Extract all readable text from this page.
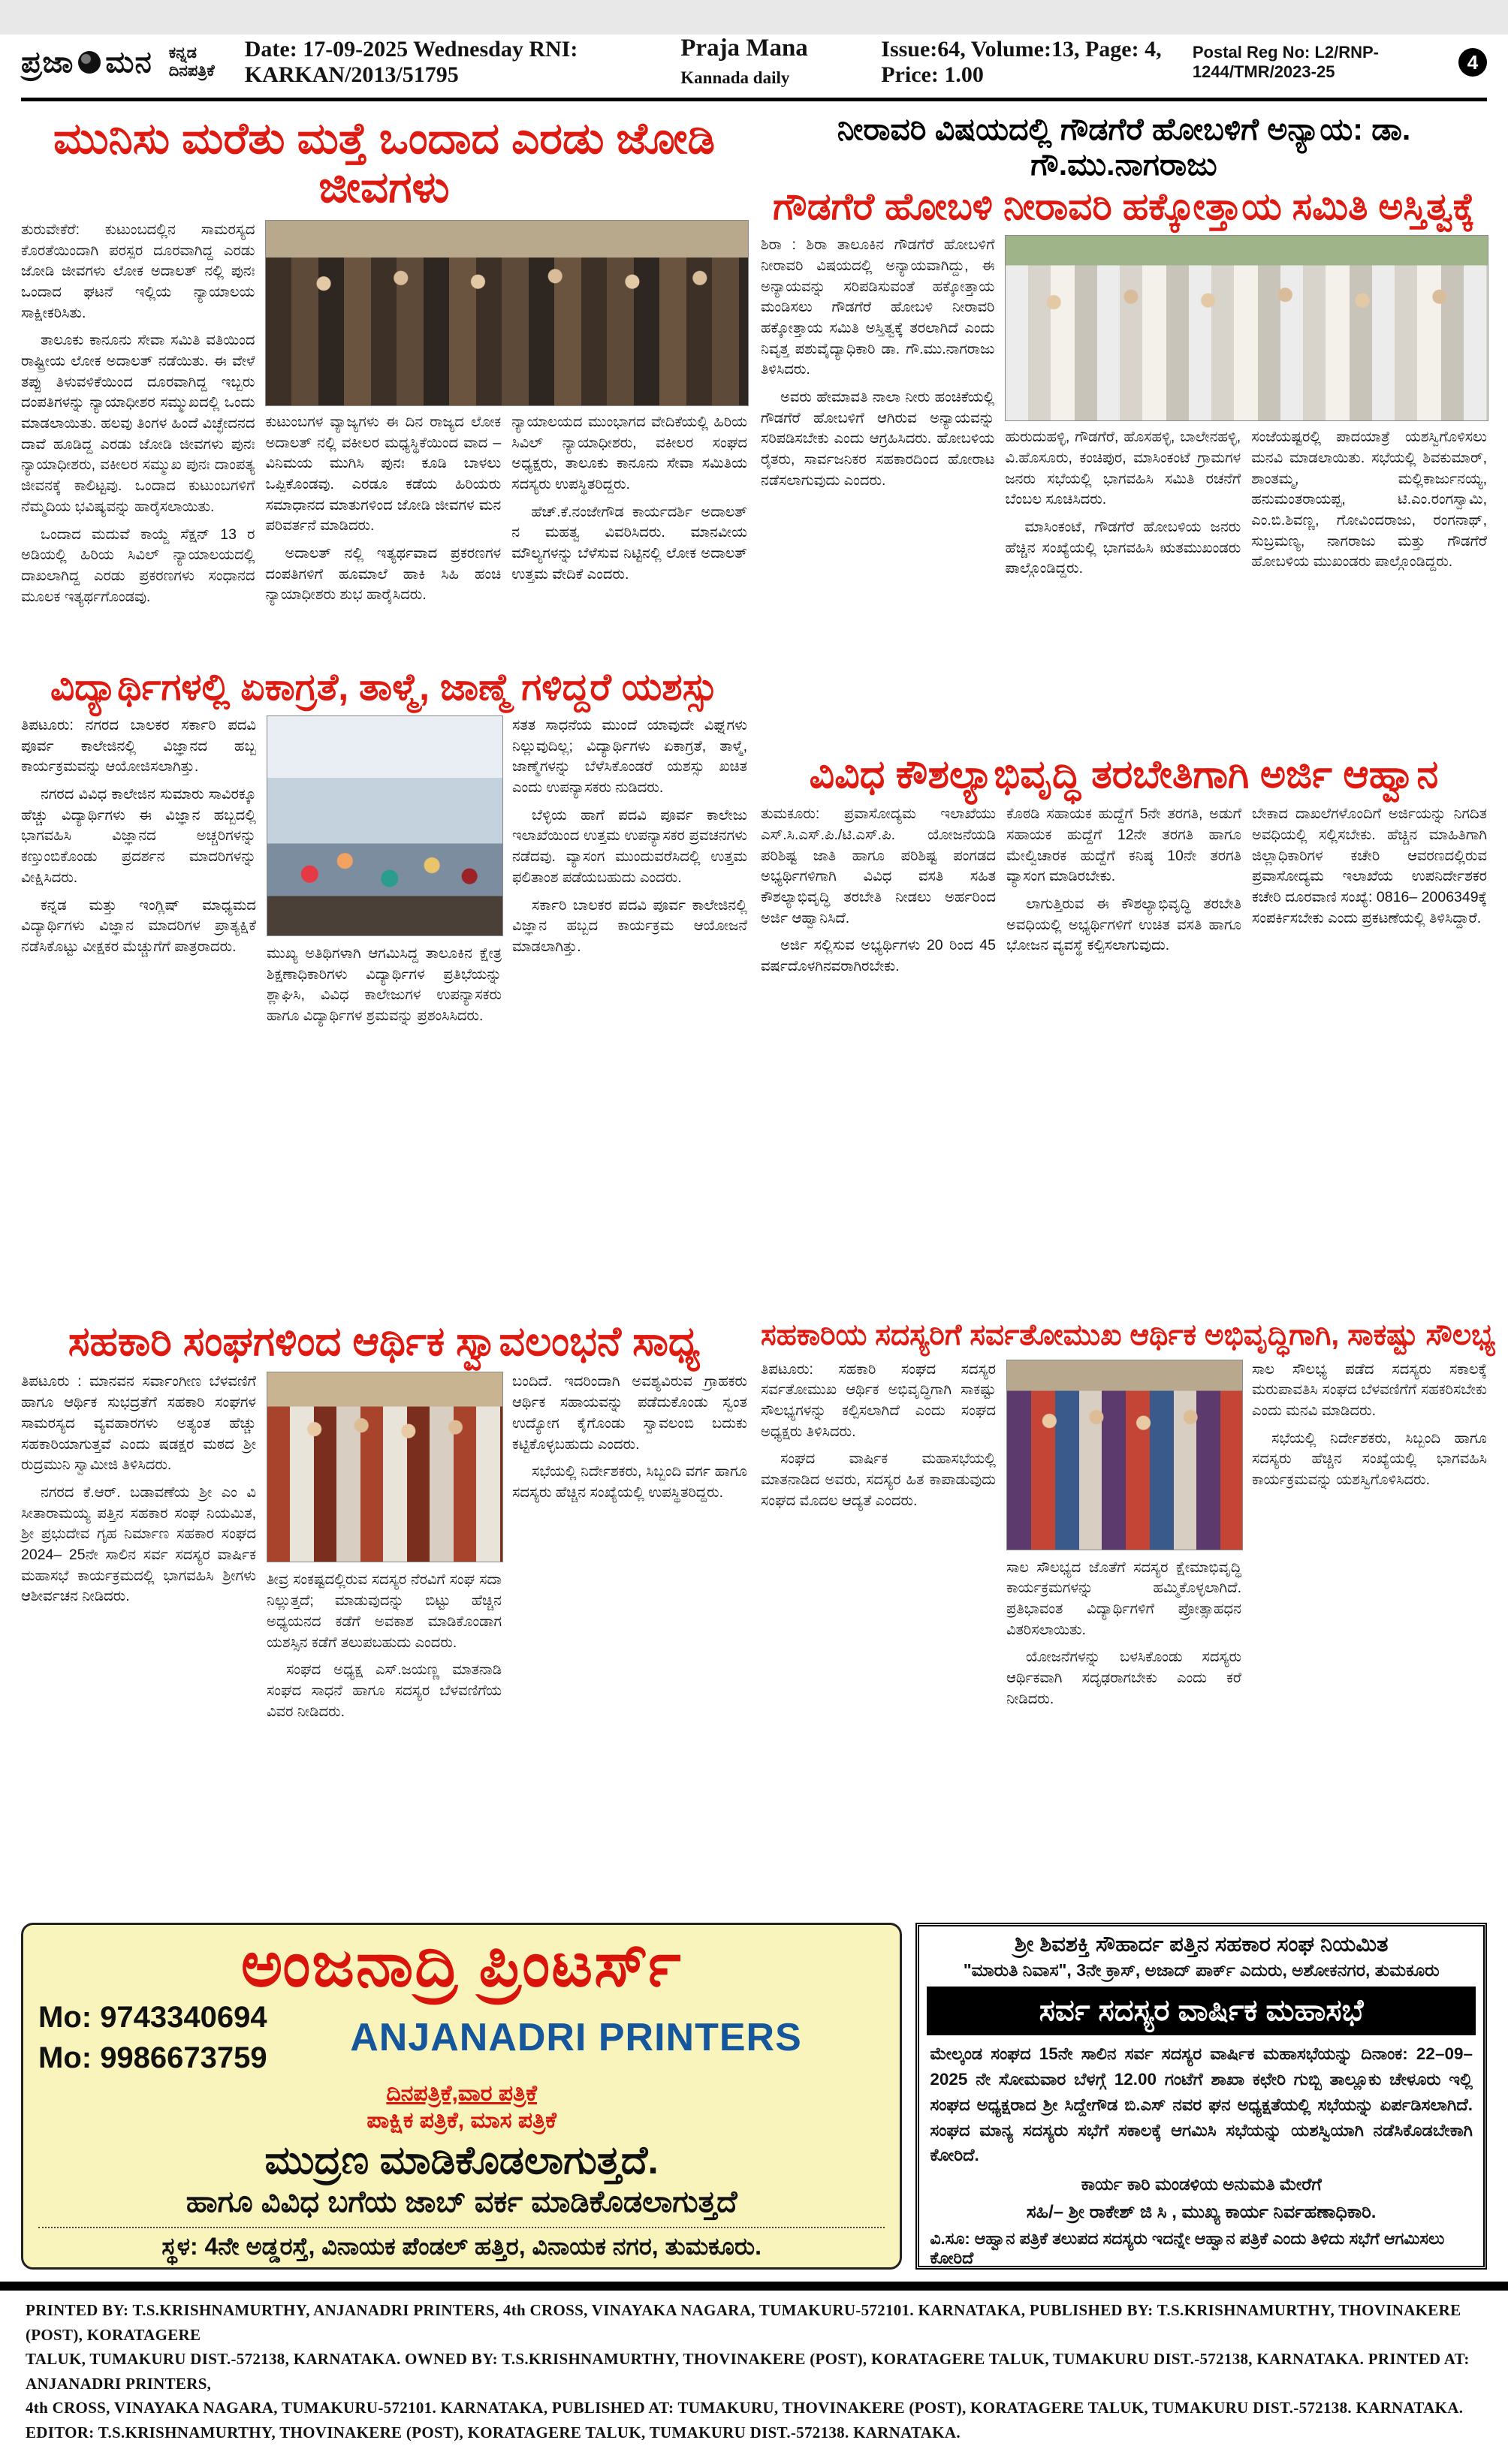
ಪ್ರಜಾ ಮನ ಕನ್ನಡ ದಿನಪತ್ರಿಕೆ
Date: 17-09-2025 Wednesday RNI: KARKAN/2013/51795
Praja Mana Kannada daily
Issue:64, Volume:13, Page: 4, Price: 1.00
Postal Reg No: L2/RNP-1244/TMR/2023-25	4
ಮುನಿಸು ಮರೆತು ಮತ್ತೆ ಒಂದಾದ ಎರಡು ಜೋಡಿ ಜೀವಗಳು

ತುರುವೇಕೆರೆ: ಕುಟುಂಬದಲ್ಲಿನ ಸಾಮರಸ್ಯದ ಕೊರತೆಯಿಂದಾಗಿ ಪರಸ್ಪರ ದೂರವಾಗಿದ್ದ ಎರಡು ಜೋಡಿ ಜೀವಗಳು ಲೋಕ ಅದಾಲತ್ ನಲ್ಲಿ ಪುನಃ ಒಂದಾದ ಘಟನೆ ಇಲ್ಲಿಯ ನ್ಯಾಯಾಲಯ ಸಾಕ್ಷೀಕರಿಸಿತು.

ತಾಲೂಕು ಕಾನೂನು ಸೇವಾ ಸಮಿತಿ ವತಿಯಿಂದ ರಾಷ್ಟ್ರೀಯ ಲೋಕ ಅದಾಲತ್ ನಡೆಯಿತು. ಈ ವೇಳೆ ತಪ್ಪು ತಿಳುವಳಿಕೆಯಿಂದ ದೂರವಾಗಿದ್ದ ಇಬ್ಬರು ದಂಪತಿಗಳನ್ನು ನ್ಯಾಯಾಧೀಶರ ಸಮ್ಮುಖದಲ್ಲಿ ಒಂದು ಮಾಡಲಾಯಿತು. ಹಲವು ತಿಂಗಳ ಹಿಂದೆ ವಿಚ್ಛೇದನದ ದಾವೆ ಹೂಡಿದ್ದ ಎರಡು ಜೋಡಿ ಜೀವಗಳು ಪುನಃ ನ್ಯಾಯಾಧೀಶರು, ವಕೀಲರ ಸಮ್ಮುಖ ಪುನಃ ದಾಂಪತ್ಯ ಜೀವನಕ್ಕೆ ಕಾಲಿಟ್ಟವು. ಒಂದಾದ ಕುಟುಂಬಗಳಿಗೆ ನೆಮ್ಮದಿಯ ಭವಿಷ್ಯವನ್ನು ಹಾರೈಸಲಾಯಿತು.

ಒಂದಾದ ಮದುವೆ ಕಾಯ್ದೆ ಸೆಕ್ಷನ್ 13 ರ ಅಡಿಯಲ್ಲಿ ಹಿರಿಯ ಸಿವಿಲ್ ನ್ಯಾಯಾಲಯದಲ್ಲಿ ದಾಖಲಾಗಿದ್ದ ಎರಡು ಪ್ರಕರಣಗಳು ಸಂಧಾನದ ಮೂಲಕ ಇತ್ಯರ್ಥಗೊಂಡವು.

ಕುಟುಂಬಗಳ ವ್ಯಾಜ್ಯಗಳು ಈ ದಿನ ರಾಜ್ಯದ ಲೋಕ ಅದಾಲತ್ ನಲ್ಲಿ ವಕೀಲರ ಮಧ್ಯಸ್ಥಿಕೆಯಿಂದ ವಾದ – ವಿನಿಮಯ ಮುಗಿಸಿ ಪುನಃ ಕೂಡಿ ಬಾಳಲು ಒಪ್ಪಿಕೊಂಡವು. ಎರಡೂ ಕಡೆಯ ಹಿರಿಯರು ಸಮಾಧಾನದ ಮಾತುಗಳಿಂದ ಜೋಡಿ ಜೀವಗಳ ಮನ ಪರಿವರ್ತನೆ ಮಾಡಿದರು.

ಅದಾಲತ್ ನಲ್ಲಿ ಇತ್ಯರ್ಥವಾದ ಪ್ರಕರಣಗಳ ದಂಪತಿಗಳಿಗೆ ಹೂಮಾಲೆ ಹಾಕಿ ಸಿಹಿ ಹಂಚಿ ನ್ಯಾಯಾಧೀಶರು ಶುಭ ಹಾರೈಸಿದರು.

ನ್ಯಾಯಾಲಯದ ಮುಂಭಾಗದ ವೇದಿಕೆಯಲ್ಲಿ ಹಿರಿಯ ಸಿವಿಲ್ ನ್ಯಾಯಾಧೀಶರು, ವಕೀಲರ ಸಂಘದ ಅಧ್ಯಕ್ಷರು, ತಾಲೂಕು ಕಾನೂನು ಸೇವಾ ಸಮಿತಿಯ ಸದಸ್ಯರು ಉಪಸ್ಥಿತರಿದ್ದರು.

ಹೆಚ್.ಕೆ.ನಂಜೇಗೌಡ ಕಾರ್ಯದರ್ಶಿ ಅದಾಲತ್ ನ ಮಹತ್ವ ವಿವರಿಸಿದರು. ಮಾನವೀಯ ಮೌಲ್ಯಗಳನ್ನು ಬೆಳೆಸುವ ನಿಟ್ಟಿನಲ್ಲಿ ಲೋಕ ಅದಾಲತ್ ಉತ್ತಮ ವೇದಿಕೆ ಎಂದರು.

ವಿದ್ಯಾರ್ಥಿಗಳಲ್ಲಿ ಏಕಾಗ್ರತೆ, ತಾಳ್ಮೆ, ಜಾಣ್ಮೆ ಗಳಿದ್ದರೆ ಯಶಸ್ಸು

ತಿಪಟೂರು: ನಗರದ ಬಾಲಕರ ಸರ್ಕಾರಿ ಪದವಿ ಪೂರ್ವ ಕಾಲೇಜಿನಲ್ಲಿ ವಿಜ್ಞಾನದ ಹಬ್ಬ ಕಾರ್ಯಕ್ರಮವನ್ನು ಆಯೋಜಿಸಲಾಗಿತ್ತು.

ನಗರದ ವಿವಿಧ ಕಾಲೇಜಿನ ಸುಮಾರು ಸಾವಿರಕ್ಕೂ ಹೆಚ್ಚು ವಿದ್ಯಾರ್ಥಿಗಳು ಈ ವಿಜ್ಞಾನ ಹಬ್ಬದಲ್ಲಿ ಭಾಗವಹಿಸಿ ವಿಜ್ಞಾನದ ಅಚ್ಚರಿಗಳನ್ನು ಕಣ್ತುಂಬಿಕೊಂಡು ಪ್ರದರ್ಶನ ಮಾದರಿಗಳನ್ನು ವೀಕ್ಷಿಸಿದರು.

ಕನ್ನಡ ಮತ್ತು ಇಂಗ್ಲಿಷ್ ಮಾಧ್ಯಮದ ವಿದ್ಯಾರ್ಥಿಗಳು ವಿಜ್ಞಾನ ಮಾದರಿಗಳ ಪ್ರಾತ್ಯಕ್ಷಿಕೆ ನಡೆಸಿಕೊಟ್ಟು ವೀಕ್ಷಕರ ಮೆಚ್ಚುಗೆಗೆ ಪಾತ್ರರಾದರು.	ಮುಖ್ಯ ಅತಿಥಿಗಳಾಗಿ ಆಗಮಿಸಿದ್ದ ತಾಲೂಕಿನ ಕ್ಷೇತ್ರ ಶಿಕ್ಷಣಾಧಿಕಾರಿಗಳು ವಿದ್ಯಾರ್ಥಿಗಳ ಪ್ರತಿಭೆಯನ್ನು ಶ್ಲಾಘಿಸಿ, ವಿವಿಧ ಕಾಲೇಜುಗಳ ಉಪನ್ಯಾಸಕರು ಹಾಗೂ ವಿದ್ಯಾರ್ಥಿಗಳ ಶ್ರಮವನ್ನು ಪ್ರಶಂಸಿಸಿದರು.

ಸತತ ಸಾಧನೆಯ ಮುಂದೆ ಯಾವುದೇ ವಿಘ್ನಗಳು ನಿಲ್ಲುವುದಿಲ್ಲ; ವಿದ್ಯಾರ್ಥಿಗಳು ಏಕಾಗ್ರತೆ, ತಾಳ್ಮೆ, ಜಾಣ್ಮೆಗಳನ್ನು ಬೆಳೆಸಿಕೊಂಡರೆ ಯಶಸ್ಸು ಖಚಿತ ಎಂದು ಉಪನ್ಯಾಸಕರು ನುಡಿದರು.

ಬೆಳ್ಳಿಯ ಹಾಗೆ ಪದವಿ ಪೂರ್ವ ಕಾಲೇಜು ಇಲಾಖೆಯಿಂದ ಉತ್ತಮ ಉಪನ್ಯಾಸಕರ ಪ್ರವಚನಗಳು ನಡೆದವು. ವ್ಯಾಸಂಗ ಮುಂದುವರೆಸಿದಲ್ಲಿ ಉತ್ತಮ ಫಲಿತಾಂಶ ಪಡೆಯಬಹುದು ಎಂದರು.

ಸರ್ಕಾರಿ ಬಾಲಕರ ಪದವಿ ಪೂರ್ವ ಕಾಲೇಜಿನಲ್ಲಿ ವಿಜ್ಞಾನ ಹಬ್ಬದ ಕಾರ್ಯಕ್ರಮ ಆಯೋಜನೆ ಮಾಡಲಾಗಿತ್ತು.

ಸಹಕಾರಿ ಸಂಘಗಳಿಂದ ಆರ್ಥಿಕ ಸ್ವಾವಲಂಭನೆ ಸಾಧ್ಯ

ತಿಪಟೂರು : ಮಾನವನ ಸರ್ವಾಂಗೀಣ ಬೆಳವಣಿಗೆ ಹಾಗೂ ಆರ್ಥಿಕ ಸುಭದ್ರತೆಗೆ ಸಹಕಾರಿ ಸಂಘಗಳ ಸಾಮರಸ್ಯದ ವ್ಯವಹಾರಗಳು ಅತ್ಯಂತ ಹೆಚ್ಚು ಸಹಕಾರಿಯಾಗುತ್ತವೆ ಎಂದು ಷಡಕ್ಷರ ಮಠದ ಶ್ರೀ ರುದ್ರಮುನಿ ಸ್ವಾಮೀಜಿ ತಿಳಿಸಿದರು.

ನಗರದ ಕೆ.ಆರ್. ಬಡಾವಣೆಯ ಶ್ರೀ ಎಂ ವಿ ಸೀತಾರಾಮಯ್ಯ ಪತ್ತಿನ ಸಹಕಾರ ಸಂಘ ನಿಯಮಿತ, ಶ್ರೀ ಪ್ರಭುದೇವ ಗೃಹ ನಿರ್ಮಾಣ ಸಹಕಾರ ಸಂಘದ 2024– 25ನೇ ಸಾಲಿನ ಸರ್ವ ಸದಸ್ಯರ ವಾರ್ಷಿಕ ಮಹಾಸಭೆ ಕಾರ್ಯಕ್ರಮದಲ್ಲಿ ಭಾಗವಹಿಸಿ ಶ್ರೀಗಳು ಆಶೀರ್ವಚನ ನೀಡಿದರು.

ತೀವ್ರ ಸಂಕಷ್ಟದಲ್ಲಿರುವ ಸದಸ್ಯರ ನೆರವಿಗೆ ಸಂಘ ಸದಾ ನಿಲ್ಲುತ್ತದೆ; ಮಾಡುವುದನ್ನು ಬಿಟ್ಟು ಹೆಚ್ಚಿನ ಅಧ್ಯಯನದ ಕಡೆಗೆ ಅವಕಾಶ ಮಾಡಿಕೊಂಡಾಗ ಯಶಸ್ಸಿನ ಕಡೆಗೆ ತಲುಪಬಹುದು ಎಂದರು.

ಸಂಘದ ಅಧ್ಯಕ್ಷ ಎಸ್.ಜಯಣ್ಣ ಮಾತನಾಡಿ ಸಂಘದ ಸಾಧನೆ ಹಾಗೂ ಸದಸ್ಯರ ಬೆಳವಣಿಗೆಯ ವಿವರ ನೀಡಿದರು.

ಬಂದಿದೆ. ಇದರಿಂದಾಗಿ ಅವಶ್ಯವಿರುವ ಗ್ರಾಹಕರು ಆರ್ಥಿಕ ಸಹಾಯವನ್ನು ಪಡೆದುಕೊಂಡು ಸ್ವಂತ ಉದ್ಯೋಗ ಕೈಗೊಂಡು ಸ್ವಾವಲಂಬಿ ಬದುಕು ಕಟ್ಟಿಕೊಳ್ಳಬಹುದು ಎಂದರು.

ಸಭೆಯಲ್ಲಿ ನಿರ್ದೇಶಕರು, ಸಿಬ್ಬಂದಿ ವರ್ಗ ಹಾಗೂ ಸದಸ್ಯರು ಹೆಚ್ಚಿನ ಸಂಖ್ಯೆಯಲ್ಲಿ ಉಪಸ್ಥಿತರಿದ್ದರು.

ನೀರಾವರಿ ವಿಷಯದಲ್ಲಿ ಗೌಡಗೆರೆ ಹೋಬಳಿಗೆ ಅನ್ಯಾಯ: ಡಾ. ಗೌ.ಮು.ನಾಗರಾಜು
ಗೌಡಗೆರೆ ಹೋಬಳಿ ನೀರಾವರಿ ಹಕ್ಕೋತ್ತಾಯ ಸಮಿತಿ ಅಸ್ತಿತ್ವಕ್ಕೆ

ಶಿರಾ : ಶಿರಾ ತಾಲೂಕಿನ ಗೌಡಗೆರೆ ಹೋಬಳಿಗೆ ನೀರಾವರಿ ವಿಷಯದಲ್ಲಿ ಅನ್ಯಾಯವಾಗಿದ್ದು, ಈ ಅನ್ಯಾಯವನ್ನು ಸರಿಪಡಿಸುವಂತೆ ಹಕ್ಕೋತ್ತಾಯ ಮಂಡಿಸಲು ಗೌಡಗೆರೆ ಹೋಬಳಿ ನೀರಾವರಿ ಹಕ್ಕೋತ್ತಾಯ ಸಮಿತಿ ಅಸ್ತಿತ್ವಕ್ಕೆ ತರಲಾಗಿದೆ ಎಂದು ನಿವೃತ್ತ ಪಶುವೈದ್ಯಾಧಿಕಾರಿ ಡಾ. ಗೌ.ಮು.ನಾಗರಾಜು ತಿಳಿಸಿದರು.

ಅವರು ಹೇಮಾವತಿ ನಾಲಾ ನೀರು ಹಂಚಿಕೆಯಲ್ಲಿ ಗೌಡಗೆರೆ ಹೋಬಳಿಗೆ ಆಗಿರುವ ಅನ್ಯಾಯವನ್ನು ಸರಿಪಡಿಸಬೇಕು ಎಂದು ಆಗ್ರಹಿಸಿದರು. ಹೋಬಳಿಯ ರೈತರು, ಸಾರ್ವಜನಿಕರ ಸಹಕಾರದಿಂದ ಹೋರಾಟ ನಡೆಸಲಾಗುವುದು ಎಂದರು.

ಹುರುದುಹಳ್ಳಿ, ಗೌಡಗೆರೆ, ಹೊಸಹಳ್ಳಿ, ಬಾಲೇನಹಳ್ಳಿ, ವಿ.ಹೊಸೂರು, ಕಂಚಿಪುರ, ಮಾಸಿಂಕಂಟೆ ಗ್ರಾಮಗಳ ಜನರು ಸಭೆಯಲ್ಲಿ ಭಾಗವಹಿಸಿ ಸಮಿತಿ ರಚನೆಗೆ ಬೆಂಬಲ ಸೂಚಿಸಿದರು.

ಮಾಸಿಂಕಂಟೆ, ಗೌಡಗೆರೆ ಹೋಬಳಿಯ ಜನರು ಹೆಚ್ಚಿನ ಸಂಖ್ಯೆಯಲ್ಲಿ ಭಾಗವಹಿಸಿ ಋತಮುಖಂಡರು ಪಾಲ್ಗೊಂಡಿದ್ದರು.

ಸಂಜೆಯಷ್ಟರಲ್ಲಿ ಪಾದಯಾತ್ರೆ ಯಶಸ್ವಿಗೊಳಿಸಲು ಮನವಿ ಮಾಡಲಾಯಿತು. ಸಭೆಯಲ್ಲಿ ಶಿವಕುಮಾರ್, ಶಾಂತಮ್ಮ, ಮಲ್ಲಿಕಾರ್ಜುನಯ್ಯ, ಹನುಮಂತರಾಯಪ್ಪ, ಟಿ.ಎಂ.ರಂಗಸ್ವಾಮಿ, ಎಂ.ಬಿ.ಶಿವಣ್ಣ, ಗೋವಿಂದರಾಜು, ರಂಗನಾಥ್, ಸುಬ್ರಮಣ್ಯ, ನಾಗರಾಜು ಮತ್ತು ಗೌಡಗೆರೆ ಹೋಬಳಿಯ ಮುಖಂಡರು ಪಾಲ್ಗೊಂಡಿದ್ದರು.

ವಿವಿಧ ಕೌಶಲ್ಯಾಭಿವೃದ್ಧಿ ತರಬೇತಿಗಾಗಿ ಅರ್ಜಿ ಆಹ್ವಾನ

ತುಮಕೂರು: ಪ್ರವಾಸೋದ್ಯಮ ಇಲಾಖೆಯು ಎಸ್.ಸಿ.ಎಸ್.ಪಿ./ಟಿ.ಎಸ್.ಪಿ. ಯೋಜನೆಯಡಿ ಪರಿಶಿಷ್ಟ ಜಾತಿ ಹಾಗೂ ಪರಿಶಿಷ್ಟ ಪಂಗಡದ ಅಭ್ಯರ್ಥಿಗಳಿಗಾಗಿ ವಿವಿಧ ವಸತಿ ಸಹಿತ ಕೌಶಲ್ಯಾಭಿವೃದ್ಧಿ ತರಬೇತಿ ನೀಡಲು ಅರ್ಹರಿಂದ ಅರ್ಜಿ ಆಹ್ವಾನಿಸಿದೆ.

ಅರ್ಜಿ ಸಲ್ಲಿಸುವ ಅಭ್ಯರ್ಥಿಗಳು 20 ರಿಂದ 45 ವರ್ಷದೊಳಗಿನವರಾಗಿರಬೇಕು.

ಕೊಠಡಿ ಸಹಾಯಕ ಹುದ್ದೆಗೆ 5ನೇ ತರಗತಿ, ಅಡುಗೆ ಸಹಾಯಕ ಹುದ್ದೆಗೆ 12ನೇ ತರಗತಿ ಹಾಗೂ ಮೇಲ್ವಿಚಾರಕ ಹುದ್ದೆಗೆ ಕನಿಷ್ಠ 10ನೇ ತರಗತಿ ವ್ಯಾಸಂಗ ಮಾಡಿರಬೇಕು.

ಲಾಗುತ್ತಿರುವ ಈ ಕೌಶಲ್ಯಾಭಿವೃದ್ಧಿ ತರಬೇತಿ ಅವಧಿಯಲ್ಲಿ ಅಭ್ಯರ್ಥಿಗಳಿಗೆ ಉಚಿತ ವಸತಿ ಹಾಗೂ ಭೋಜನ ವ್ಯವಸ್ಥೆ ಕಲ್ಪಿಸಲಾಗುವುದು.

ಬೇಕಾದ ದಾಖಲೆಗಳೊಂದಿಗೆ ಅರ್ಜಿಯನ್ನು ನಿಗದಿತ ಅವಧಿಯಲ್ಲಿ ಸಲ್ಲಿಸಬೇಕು. ಹೆಚ್ಚಿನ ಮಾಹಿತಿಗಾಗಿ ಜಿಲ್ಲಾಧಿಕಾರಿಗಳ ಕಚೇರಿ ಆವರಣದಲ್ಲಿರುವ ಪ್ರವಾಸೋದ್ಯಮ ಇಲಾಖೆಯ ಉಪನಿರ್ದೇಶಕರ ಕಚೇರಿ ದೂರವಾಣಿ ಸಂಖ್ಯೆ: 0816– 2006349ಕ್ಕೆ ಸಂಪರ್ಕಿಸಬೇಕು ಎಂದು ಪ್ರಕಟಣೆಯಲ್ಲಿ ತಿಳಿಸಿದ್ದಾರೆ.

ಸಹಕಾರಿಯ ಸದಸ್ಯರಿಗೆ ಸರ್ವತೋಮುಖ ಆರ್ಥಿಕ ಅಭಿವೃದ್ಧಿಗಾಗಿ, ಸಾಕಷ್ಟು ಸೌಲಭ್ಯ

ತಿಪಟೂರು: ಸಹಕಾರಿ ಸಂಘದ ಸದಸ್ಯರ ಸರ್ವತೋಮುಖ ಆರ್ಥಿಕ ಅಭಿವೃದ್ಧಿಗಾಗಿ ಸಾಕಷ್ಟು ಸೌಲಭ್ಯಗಳನ್ನು ಕಲ್ಪಿಸಲಾಗಿದೆ ಎಂದು ಸಂಘದ ಅಧ್ಯಕ್ಷರು ತಿಳಿಸಿದರು.

ಸಂಘದ ವಾರ್ಷಿಕ ಮಹಾಸಭೆಯಲ್ಲಿ ಮಾತನಾಡಿದ ಅವರು, ಸದಸ್ಯರ ಹಿತ ಕಾಪಾಡುವುದು ಸಂಘದ ಮೊದಲ ಆದ್ಯತೆ ಎಂದರು.

ಸಾಲ ಸೌಲಭ್ಯದ ಜೊತೆಗೆ ಸದಸ್ಯರ ಕ್ಷೇಮಾಭಿವೃದ್ಧಿ ಕಾರ್ಯಕ್ರಮಗಳನ್ನು ಹಮ್ಮಿಕೊಳ್ಳಲಾಗಿದೆ. ಪ್ರತಿಭಾವಂತ ವಿದ್ಯಾರ್ಥಿಗಳಿಗೆ ಪ್ರೋತ್ಸಾಹಧನ ವಿತರಿಸಲಾಯಿತು.

ಯೋಜನೆಗಳನ್ನು ಬಳಸಿಕೊಂಡು ಸದಸ್ಯರು ಆರ್ಥಿಕವಾಗಿ ಸದೃಢರಾಗಬೇಕು ಎಂದು ಕರೆ ನೀಡಿದರು.

ಸಾಲ ಸೌಲಭ್ಯ ಪಡೆದ ಸದಸ್ಯರು ಸಕಾಲಕ್ಕೆ ಮರುಪಾವತಿಸಿ ಸಂಘದ ಬೆಳವಣಿಗೆಗೆ ಸಹಕರಿಸಬೇಕು ಎಂದು ಮನವಿ ಮಾಡಿದರು.

ಸಭೆಯಲ್ಲಿ ನಿರ್ದೇಶಕರು, ಸಿಬ್ಬಂದಿ ಹಾಗೂ ಸದಸ್ಯರು ಹೆಚ್ಚಿನ ಸಂಖ್ಯೆಯಲ್ಲಿ ಭಾಗವಹಿಸಿ ಕಾರ್ಯಕ್ರಮವನ್ನು ಯಶಸ್ವಿಗೊಳಿಸಿದರು.

ಅಂಜನಾದ್ರಿ ಪ್ರಿಂಟರ್ಸ್
Mo: 9743340694
Mo: 9986673759	ANJANADRI PRINTERS
ದಿನಪತ್ರಿಕೆ,ವಾರ ಪತ್ರಿಕೆ
ಪಾಕ್ಷಿಕ ಪತ್ರಿಕೆ, ಮಾಸ ಪತ್ರಿಕೆ
ಮುದ್ರಣ ಮಾಡಿಕೊಡಲಾಗುತ್ತದೆ.
ಹಾಗೂ ವಿವಿಧ ಬಗೆಯ ಜಾಬ್ ವರ್ಕ ಮಾಡಿಕೊಡಲಾಗುತ್ತದೆ
ಸ್ಥಳ: 4ನೇ ಅಡ್ಡರಸ್ತೆ, ವಿನಾಯಕ ಪೆಂಡಲ್ ಹತ್ತಿರ, ವಿನಾಯಕ ನಗರ, ತುಮಕೂರು.
ಶ್ರೀ ಶಿವಶಕ್ತಿ ಸೌಹಾರ್ದ ಪತ್ತಿನ ಸಹಕಾರ ಸಂಘ ನಿಯಮಿತ
"ಮಾರುತಿ ನಿವಾಸ", 3ನೇ ಕ್ರಾಸ್, ಅಜಾದ್ ಪಾರ್ಕ್ ಎದುರು, ಅಶೋಕನಗರ, ತುಮಕೂರು
ಸರ್ವ ಸದಸ್ಯರ ವಾರ್ಷಿಕ ಮಹಾಸಭೆ
ಮೇಲ್ಕಂಡ ಸಂಘದ 15ನೇ ಸಾಲಿನ ಸರ್ವ ಸದಸ್ಯರ ವಾರ್ಷಿಕ ಮಹಾಸಭೆಯನ್ನು ದಿನಾಂಕ: 22–09–2025 ನೇ ಸೋಮವಾರ ಬೆಳಗ್ಗೆ 12.00 ಗಂಟೆಗೆ ಶಾಖಾ ಕಛೇರಿ ಗುಬ್ಬಿ ತಾಲ್ಲೂಕು ಚೇಳೂರು ಇಲ್ಲಿ ಸಂಘದ ಅಧ್ಯಕ್ಷರಾದ ಶ್ರೀ ಸಿದ್ದೇಗೌಡ ಬಿ.ಎಸ್ ನವರ ಘನ ಅಧ್ಯಕ್ಷತೆಯಲ್ಲಿ ಸಭೆಯನ್ನು ಏರ್ಪಡಿಸಲಾಗಿದೆ. ಸಂಘದ ಮಾನ್ಯ ಸದಸ್ಯರು ಸಭೆಗೆ ಸಕಾಲಕ್ಕೆ ಆಗಮಿಸಿ ಸಭೆಯನ್ನು ಯಶಸ್ವಿಯಾಗಿ ನಡೆಸಿಕೊಡಬೇಕಾಗಿ ಕೋರಿದೆ.
ಕಾರ್ಯ ಕಾರಿ ಮಂಡಳಿಯ ಅನುಮತಿ ಮೇರೆಗೆ
ಸಹಿ/– ಶ್ರೀ ರಾಕೇಶ್ ಜಿ ಸಿ , ಮುಖ್ಯ ಕಾರ್ಯ ನಿರ್ವಹಣಾಧಿಕಾರಿ.
ವಿ.ಸೂ: ಆಹ್ವಾನ ಪತ್ರಿಕೆ ತಲುಪದ ಸದಸ್ಯರು ಇದನ್ನೇ ಆಹ್ವಾನ ಪತ್ರಿಕೆ ಎಂದು ತಿಳಿದು ಸಭೆಗೆ ಆಗಮಿಸಲು ಕೋರಿದೆ
PRINTED BY: T.S.KRISHNAMURTHY, ANJANADRI PRINTERS, 4th CROSS, VINAYAKA NAGARA, TUMAKURU-572101. KARNATAKA, PUBLISHED BY: T.S.KRISHNAMURTHY, THOVINAKERE (POST), KORATAGERE
TALUK, TUMAKURU DIST.-572138, KARNATAKA. OWNED BY: T.S.KRISHNAMURTHY, THOVINAKERE (POST), KORATAGERE TALUK, TUMAKURU DIST.-572138, KARNATAKA. PRINTED AT: ANJANADRI PRINTERS,
4th CROSS, VINAYAKA NAGARA, TUMAKURU-572101. KARNATAKA, PUBLISHED AT: TUMAKURU, THOVINAKERE (POST), KORATAGERE TALUK, TUMAKURU DIST.-572138. KARNATAKA.
EDITOR: T.S.KRISHNAMURTHY, THOVINAKERE (POST), KORATAGERE TALUK, TUMAKURU DIST.-572138. KARNATAKA.
